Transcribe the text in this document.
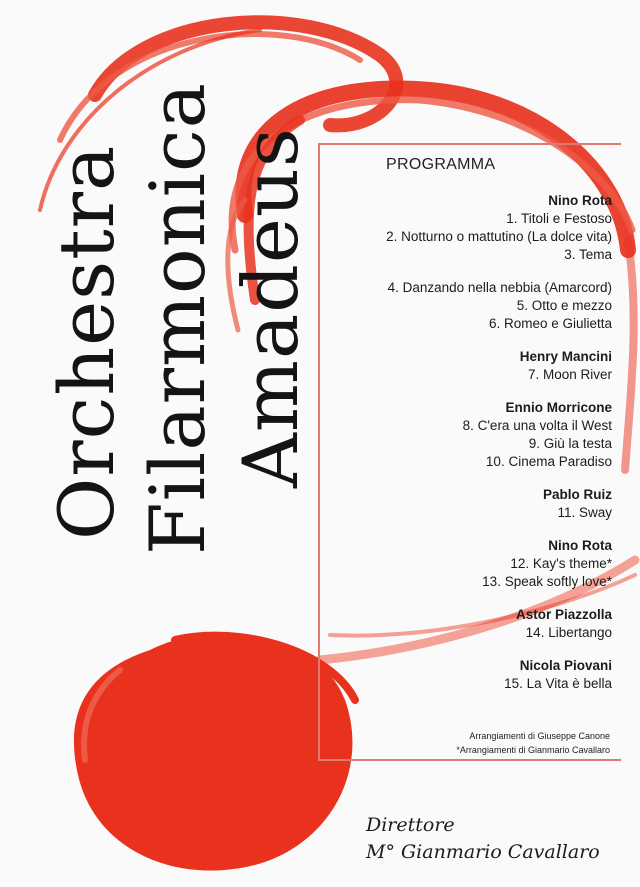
Orchestra Filarmonica Amadeus	PROGRAMMA
Nino Rota
1. Titoli e Festoso
2. Notturno o mattutino (La dolce vita)
3. Tema
4. Danzando nella nebbia (Amarcord)
5. Otto e mezzo
6. Romeo e Giulietta
Henry Mancini
7. Moon River
Ennio Morricone
8. C'era una volta il West
9. Giù la testa
10. Cinema Paradiso
Pablo Ruiz
11. Sway
Nino Rota
12. Kay's theme*
13. Speak softly love*
Astor Piazzolla
14. Libertango
Nicola Piovani
15. La Vita è bella
Arrangiamenti di Giuseppe Canone
*Arrangiamenti di Gianmario Cavallaro
Direttore
M° Gianmario Cavallaro
